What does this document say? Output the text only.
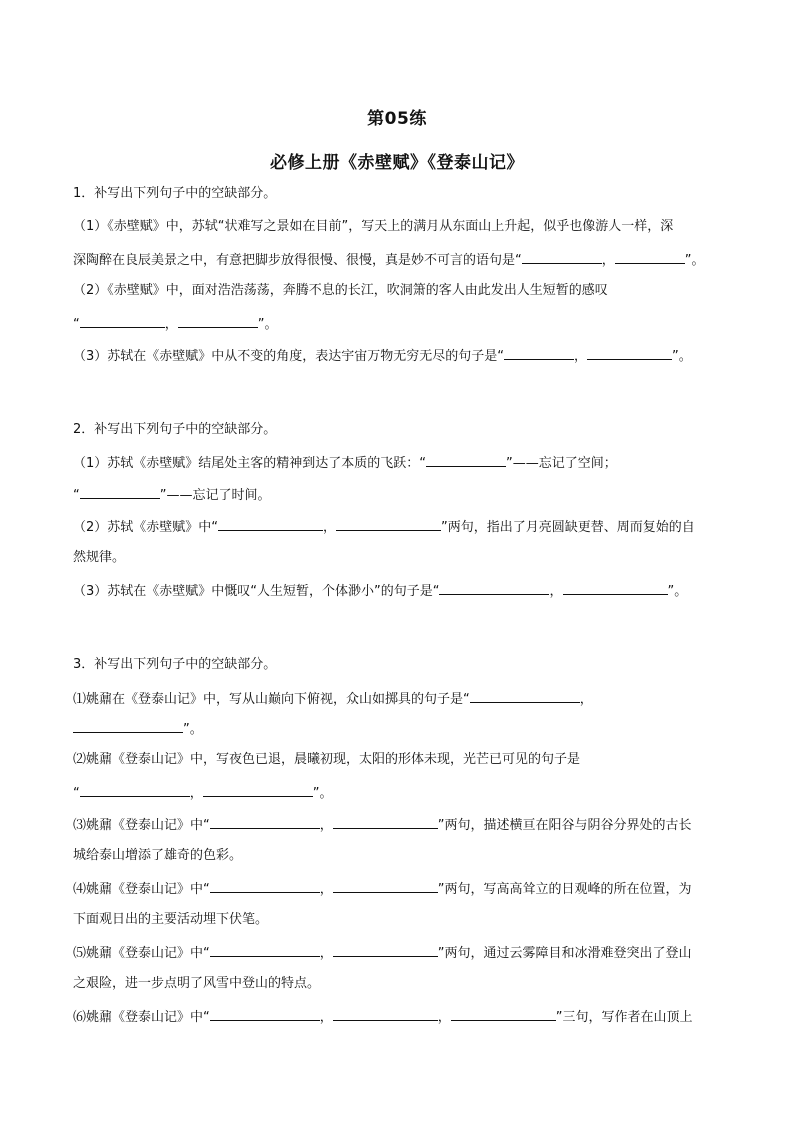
第05练
必修上册《赤壁赋》《登泰山记》
1．补写出下列句子中的空缺部分。
（1）《赤壁赋》中，苏轼“状难写之景如在目前”，写天上的满月从东面山上升起，似乎也像游人一样，深
深陶醉在良辰美景之中，有意把脚步放得很慢、很慢，真是妙不可言的语句是“	，	”。
（2）《赤壁赋》中，面对浩浩荡荡，奔腾不息的长江，吹洞箫的客人由此发出人生短暂的感叹
“	，	”。
（3）苏轼在《赤壁赋》中从不变的角度，表达宇宙万物无穷无尽的句子是“	，	”。
2．补写出下列句子中的空缺部分。
（1）苏轼《赤壁赋》结尾处主客的精神到达了本质的飞跃：“	”——忘记了空间；
“	”——忘记了时间。
（2）苏轼《赤壁赋》中“	，	”两句，指出了月亮圆缺更替、周而复始的自
然规律。
（3）苏轼在《赤壁赋》中慨叹“人生短暂，个体渺小”的句子是“	，	”。
3．补写出下列句子中的空缺部分。
⑴姚鼐在《登泰山记》中，写从山巅向下俯视，众山如掷具的句子是“	，
”。
⑵姚鼐《登泰山记》中，写夜色已退，晨曦初现，太阳的形体未现，光芒已可见的句子是
“	，	”。
⑶姚鼐《登泰山记》中“	，	”两句，描述横亘在阳谷与阴谷分界处的古长
城给泰山增添了雄奇的色彩。
⑷姚鼐《登泰山记》中“	，	”两句，写高高耸立的日观峰的所在位置，为
下面观日出的主要活动埋下伏笔。
⑸姚鼐《登泰山记》中“	，	”两句，通过云雾障目和冰滑难登突出了登山
之艰险，进一步点明了风雪中登山的特点。
⑹姚鼐《登泰山记》中“	，	，	”三句，写作者在山顶上
